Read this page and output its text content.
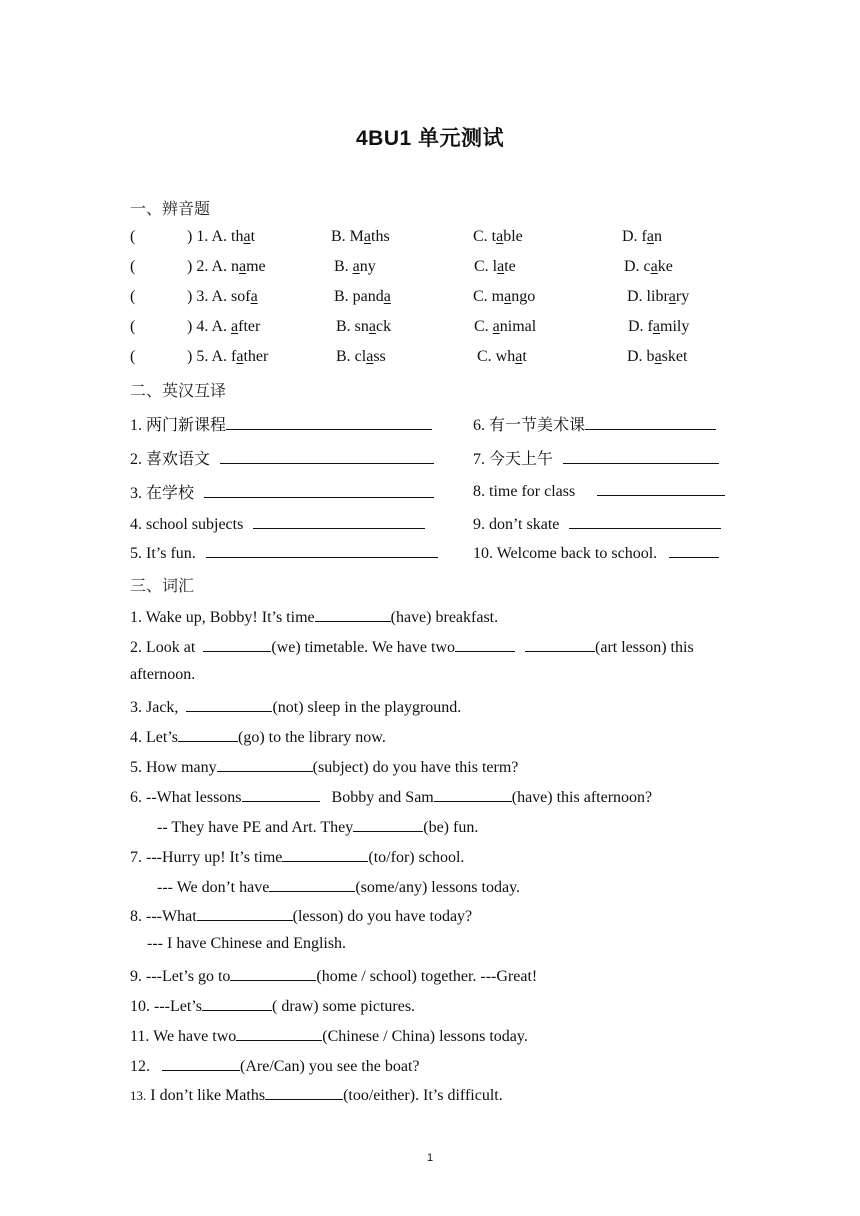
4BU1 单元测试
一、辨音题
(	) 1. A. that	B. Maths	C. table	D. fan
(	) 2. A. name	B. any	C. late	D. cake
(	) 3. A. sofa	B. panda	C. mango	D. library
(	) 4. A. after	B. snack	C. animal	D. family
(	) 5. A. father	B. class	C. what	D. basket
二、英汉互译
1. 两门新课程
2. 喜欢语文
3. 在学校
4. school subjects
5. It’s fun.
6. 有一节美术课
7. 今天上午
8. time for class
9. don’t skate
10. Welcome back to school.
三、词汇
1. Wake up, Bobby! It’s time	(have) breakfast.
2. Look at	(we) timetable. We have two	(art lesson) this
afternoon.
3. Jack,	(not) sleep in the playground.
4. Let’s	(go) to the library now.
5. How many	(subject) do you have this term?
6. --What lessons	Bobby and Sam	(have) this afternoon?
-- They have PE and Art. They	(be) fun.
7. ---Hurry up! It’s time	(to/for) school.
--- We don’t have	(some/any) lessons today.
8. ---What	(lesson) do you have today?
--- I have Chinese and English.
9. ---Let’s go to	(home / school) together. ---Great!
10. ---Let’s	( draw) some pictures.
11. We have two	(Chinese / China) lessons today.
12.	(Are/Can) you see the boat?
13. I don’t like Maths	(too/either). It’s difficult.
1
